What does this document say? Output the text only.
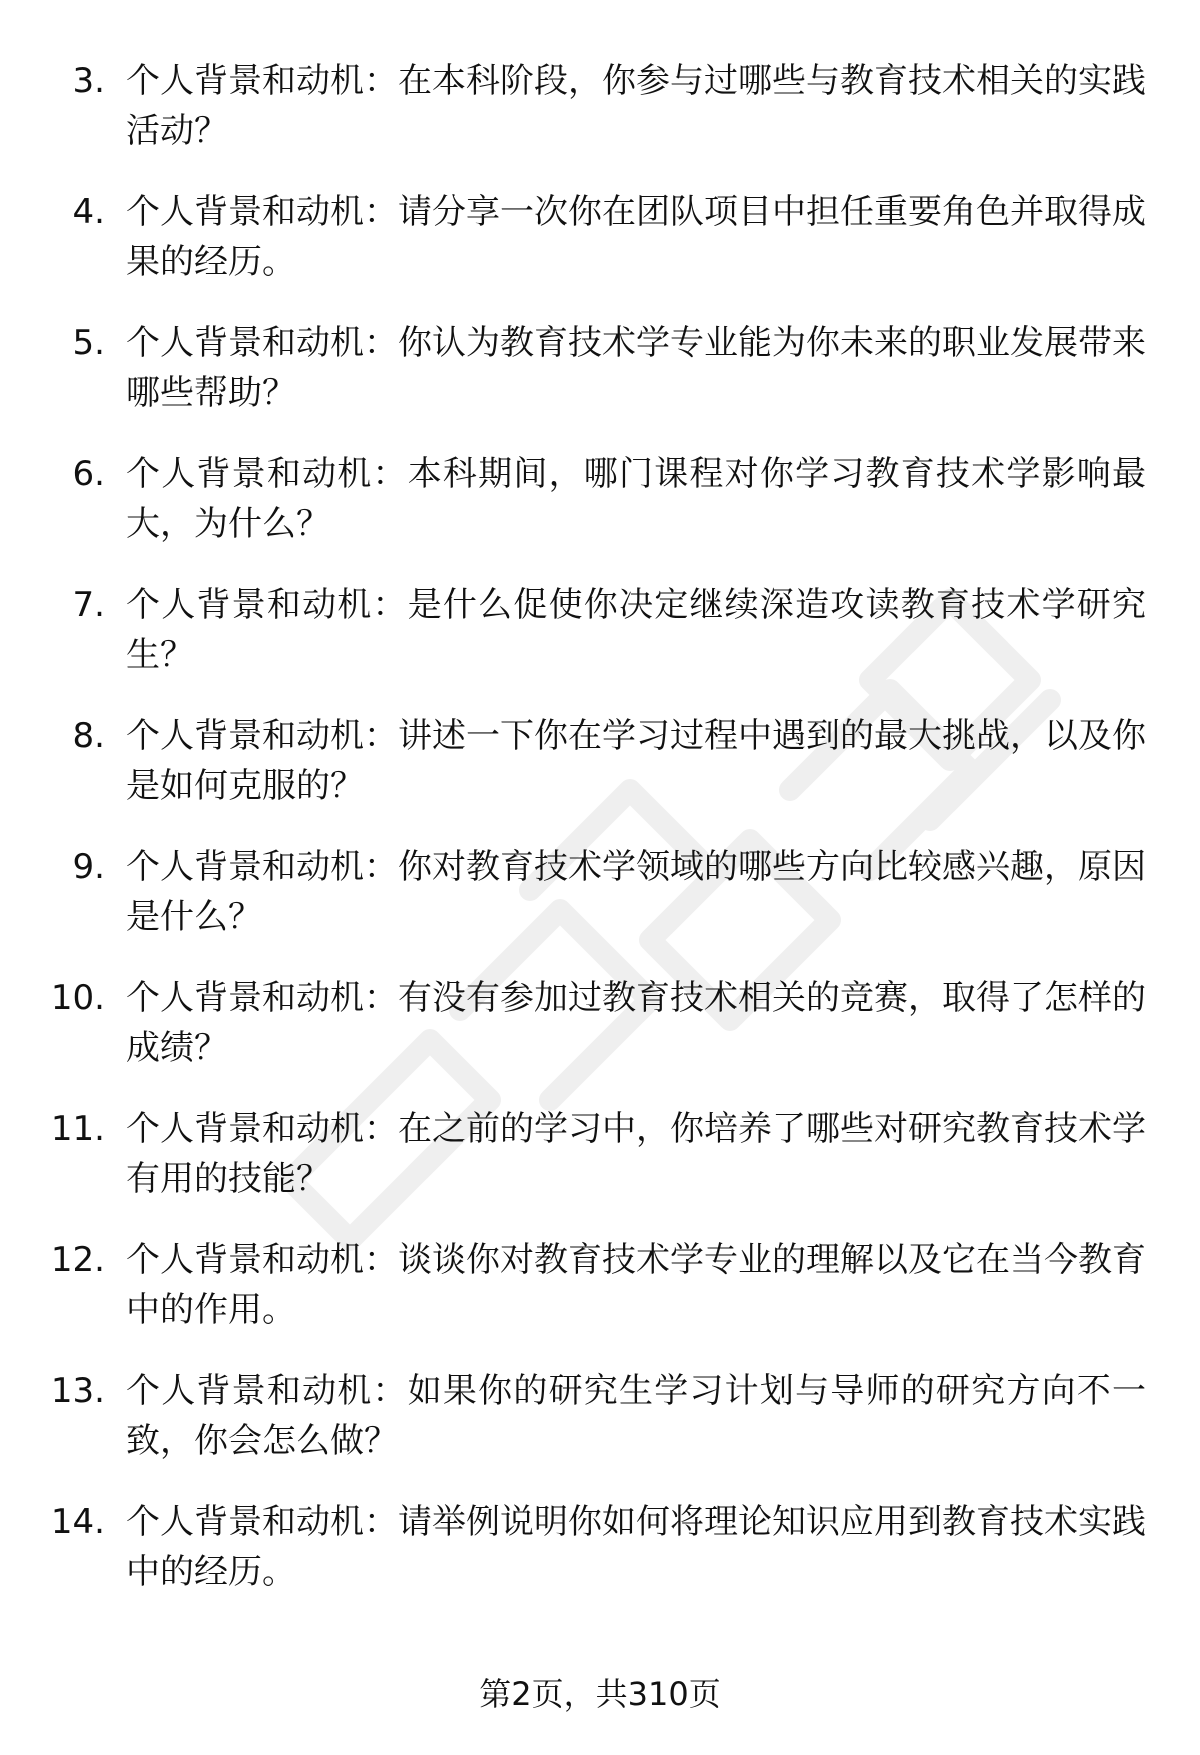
3. 个人背景和动机：在本科阶段，你参与过哪些与教育技术相关的实践活动？
4. 个人背景和动机：请分享一次你在团队项目中担任重要角色并取得成果的经历。
5. 个人背景和动机：你认为教育技术学专业能为你未来的职业发展带来哪些帮助？
6. 个人背景和动机：本科期间，哪门课程对你学习教育技术学影响最大，为什么？
7. 个人背景和动机：是什么促使你决定继续深造攻读教育技术学研究生？
8. 个人背景和动机：讲述一下你在学习过程中遇到的最大挑战，以及你是如何克服的？
9. 个人背景和动机：你对教育技术学领域的哪些方向比较感兴趣，原因是什么？
10. 个人背景和动机：有没有参加过教育技术相关的竞赛，取得了怎样的成绩？
11. 个人背景和动机：在之前的学习中，你培养了哪些对研究教育技术学有用的技能？
12. 个人背景和动机：谈谈你对教育技术学专业的理解以及它在当今教育中的作用。
13. 个人背景和动机：如果你的研究生学习计划与导师的研究方向不一致，你会怎么做？
14. 个人背景和动机：请举例说明你如何将理论知识应用到教育技术实践中的经历。
第2页，共310页
